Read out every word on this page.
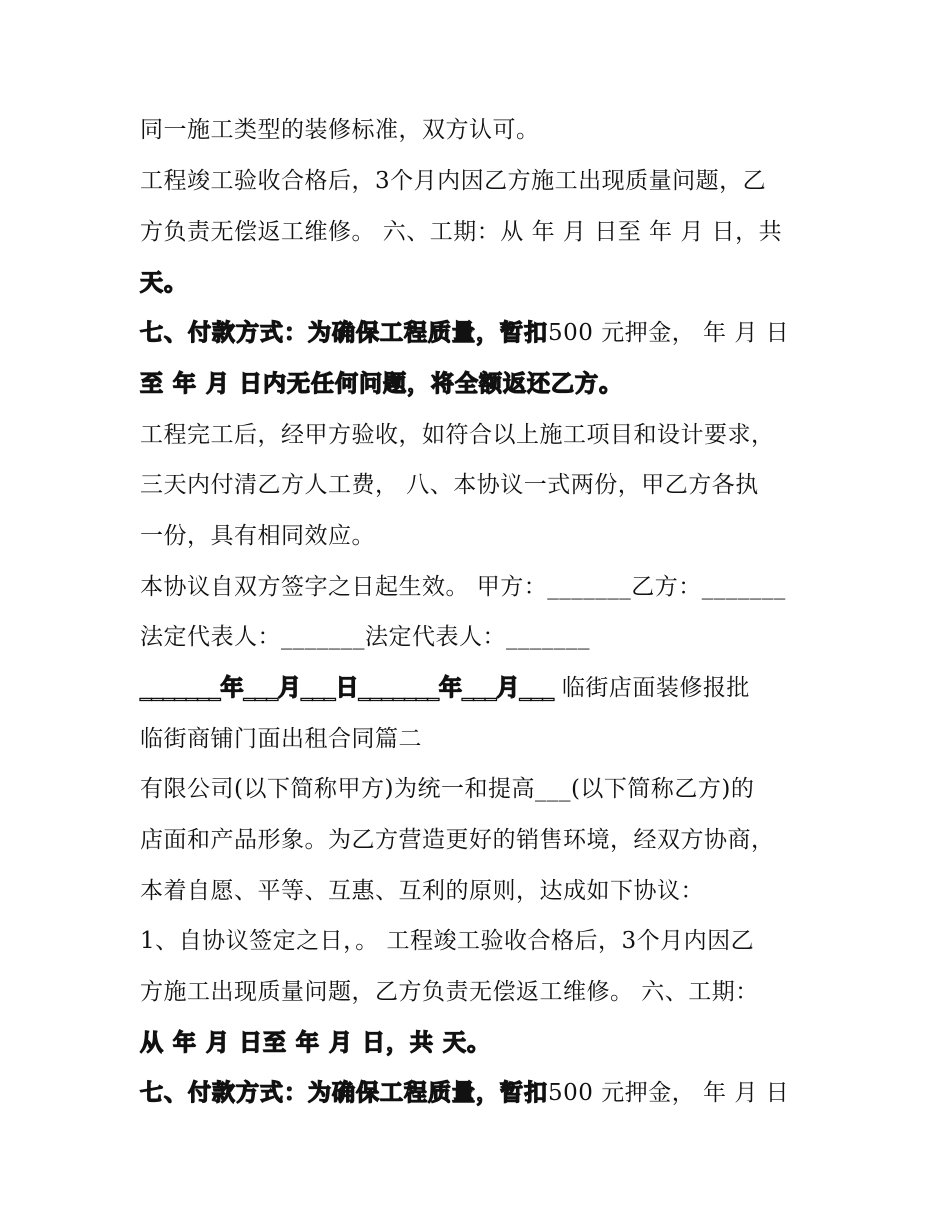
同一施工类型的装修标准，双方认可。
工程竣工验收合格后，3个月内因乙方施工出现质量问题，乙
方负责无偿返工维修。 六、工期：从 年 月 日至 年 月 日，共
天。
七、付款方式：为确保工程质量，暂扣500 元押金， 年 月 日
至 年 月 日内无任何问题，将全额返还乙方。
工程完工后，经甲方验收，如符合以上施工项目和设计要求，
三天内付清乙方人工费， 八、本协议一式两份，甲乙方各执
一份，具有相同效应。
本协议自双方签字之日起生效。 甲方：_______乙方：_______
法定代表人：_______法定代表人：_______
_______年___月___日_______年___月___ 临街店面装修报批
临街商铺门面出租合同篇二
有限公司(以下简称甲方)为统一和提高___(以下简称乙方)的
店面和产品形象。为乙方营造更好的销售环境，经双方协商，
本着自愿、平等、互惠、互利的原则，达成如下协议：
1、自协议签定之日，。 工程竣工验收合格后，3个月内因乙
方施工出现质量问题，乙方负责无偿返工维修。 六、工期：
从 年 月 日至 年 月 日，共 天。
七、付款方式：为确保工程质量，暂扣500 元押金， 年 月 日
